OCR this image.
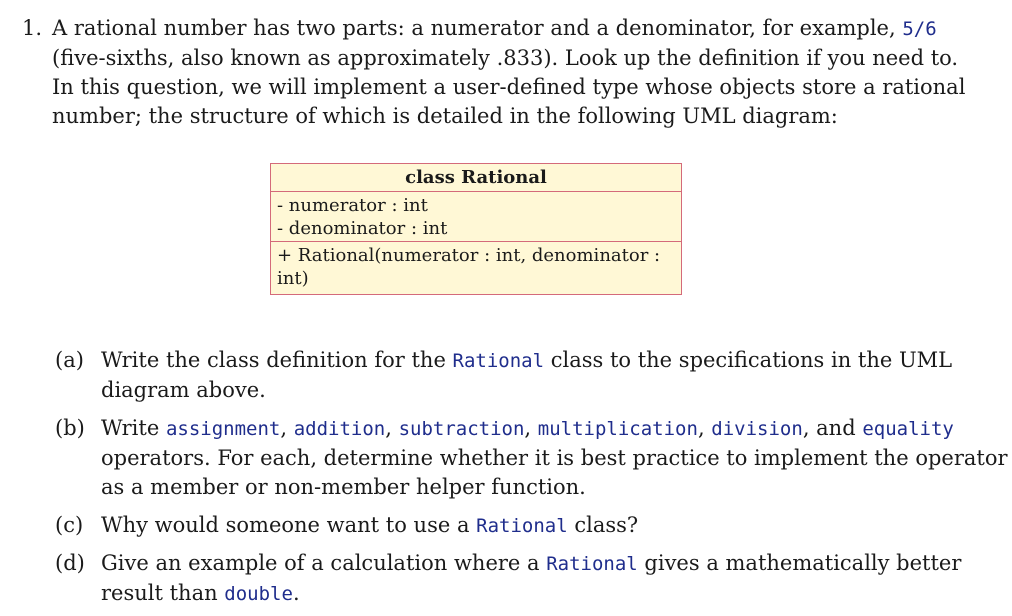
1. A rational number has two parts: a numerator and a denominator, for example, 5/6
(five-sixths, also known as approximately .833). Look up the definition if you need to.
In this question, we will implement a user-defined type whose objects store a rational
number; the structure of which is detailed in the following UML diagram:
class Rational
- numerator : int
- denominator : int
+ Rational(numerator : int, denominator :
int)
(a) Write the class definition for the Rational class to the specifications in the UML
diagram above.
(b) Write assignment, addition, subtraction, multiplication, division, and equality
operators. For each, determine whether it is best practice to implement the operator
as a member or non-member helper function.
(c) Why would someone want to use a Rational class?
(d) Give an example of a calculation where a Rational gives a mathematically better
result than double.
